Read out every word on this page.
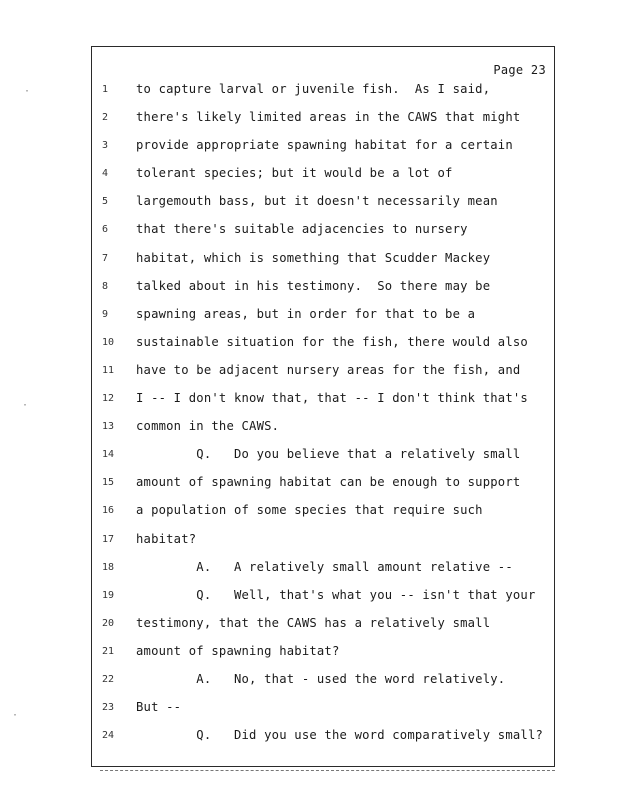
Page 23
1	to capture larval or juvenile fish.  As I said,
2	there's likely limited areas in the CAWS that might
3	provide appropriate spawning habitat for a certain
4	tolerant species; but it would be a lot of
5	largemouth bass, but it doesn't necessarily mean
6	that there's suitable adjacencies to nursery
7	habitat, which is something that Scudder Mackey
8	talked about in his testimony.  So there may be
9	spawning areas, but in order for that to be a
10	sustainable situation for the fish, there would also
11	have to be adjacent nursery areas for the fish, and
12	I -- I don't know that, that -- I don't think that's
13	common in the CAWS.
14	Q.   Do you believe that a relatively small
15	amount of spawning habitat can be enough to support
16	a population of some species that require such
17	habitat?
18	A.   A relatively small amount relative --
19	Q.   Well, that's what you -- isn't that your
20	testimony, that the CAWS has a relatively small
21	amount of spawning habitat?
22	A.   No, that - used the word relatively.
23	But --
24	Q.   Did you use the word comparatively small?
·
·
·
